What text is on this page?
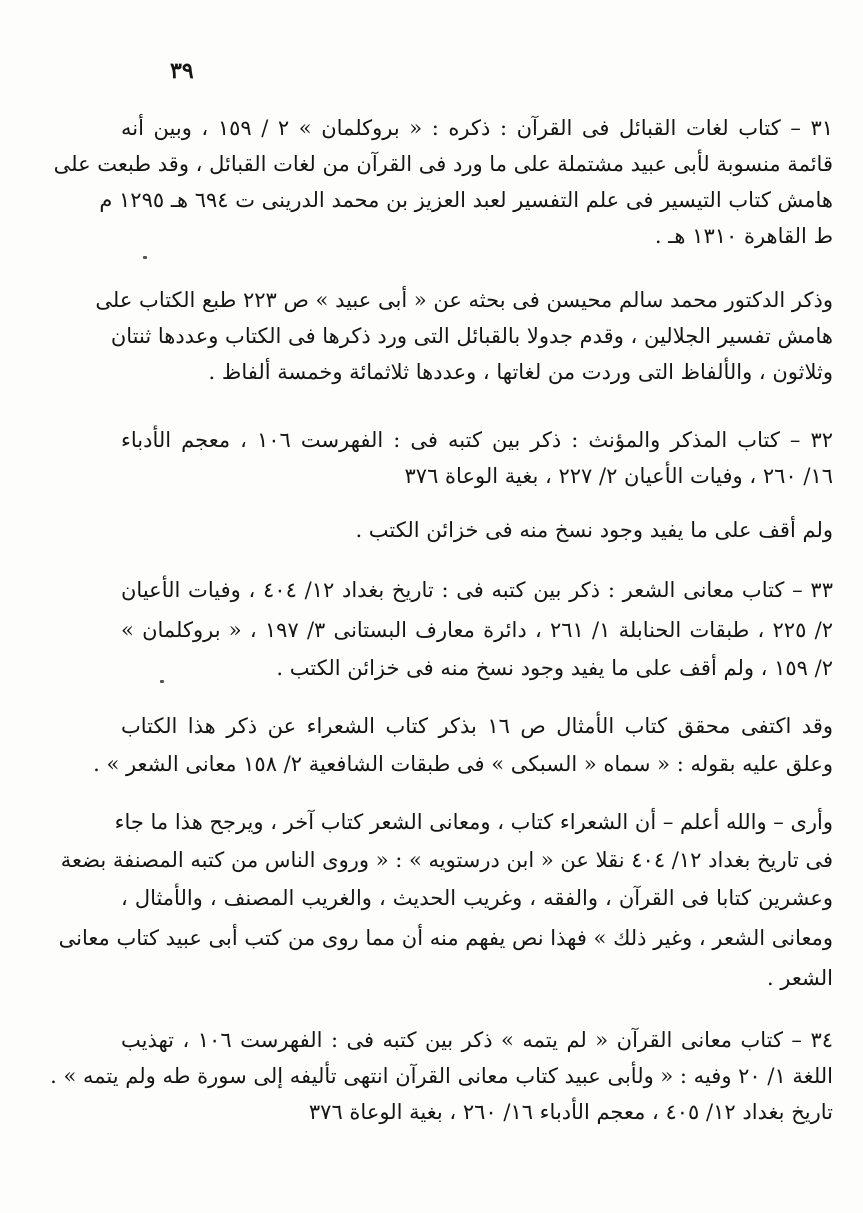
٣٩
٣١ – كتاب لغات القبائل فى القرآن : ذكره : « بروكلمان » ٢ / ١٥٩ ، وبين أنه
قائمة منسوبة لأبى عبيد مشتملة على ما ورد فى القرآن من لغات القبائل ، وقد طبعت على
هامش كتاب التيسير فى علم التفسير لعبد العزيز بن محمد الدرينى ت ٦٩٤ هـ ١٢٩٥ م
ط القاهرة ١٣١٠ هـ .
وذكر الدكتور محمد سالم محيسن فى بحثه عن « أبى عبيد » ص ٢٢٣ طبع الكتاب على
هامش تفسير الجلالين ، وقدم جدولا بالقبائل التى ورد ذكرها فى الكتاب وعددها ثنتان
وثلاثون ، والألفاظ التى وردت من لغاتها ، وعددها ثلاثمائة وخمسة ألفاظ .
٣٢ – كتاب المذكر والمؤنث : ذكر بين كتبه فى : الفهرست ١٠٦ ، معجم الأدباء
١٦/ ٢٦٠ ، وفيات الأعيان ٢/ ٢٢٧ ، بغية الوعاة ٣٧٦
ولم أقف على ما يفيد وجود نسخ منه فى خزائن الكتب .
٣٣ – كتاب معانى الشعر : ذكر بين كتبه فى : تاريخ بغداد ١٢/ ٤٠٤ ، وفيات الأعيان
٢/ ٢٢٥ ، طبقات الحنابلة ١/ ٢٦١ ، دائرة معارف البستانى ٣/ ١٩٧ ، « بروكلمان »
٢/ ١٥٩ ، ولم أقف على ما يفيد وجود نسخ منه فى خزائن الكتب .
وقد اكتفى محقق كتاب الأمثال ص ١٦ بذكر كتاب الشعراء عن ذكر هذا الكتاب
وعلق عليه بقوله : « سماه « السبكى » فى طبقات الشافعية ٢/ ١٥٨ معانى الشعر » .
وأرى – والله أعلم – أن الشعراء كتاب ، ومعانى الشعر كتاب آخر ، ويرجح هذا ما جاء
فى تاريخ بغداد ١٢/ ٤٠٤ نقلا عن « ابن درستويه » : « وروى الناس من كتبه المصنفة بضعة
وعشرين كتابا فى القرآن ، والفقه ، وغريب الحديث ، والغريب المصنف ، والأمثال ،
ومعانى الشعر ، وغير ذلك » فهذا نص يفهم منه أن مما روى من كتب أبى عبيد كتاب معانى
الشعر .
٣٤ – كتاب معانى القرآن « لم يتمه » ذكر بين كتبه فى : الفهرست ١٠٦ ، تهذيب
اللغة ١/ ٢٠ وفيه : « ولأبى عبيد كتاب معانى القرآن انتهى تأليفه إلى سورة طه ولم يتمه » .
تاريخ بغداد ١٢/ ٤٠٥ ، معجم الأدباء ١٦/ ٢٦٠ ، بغية الوعاة ٣٧٦
